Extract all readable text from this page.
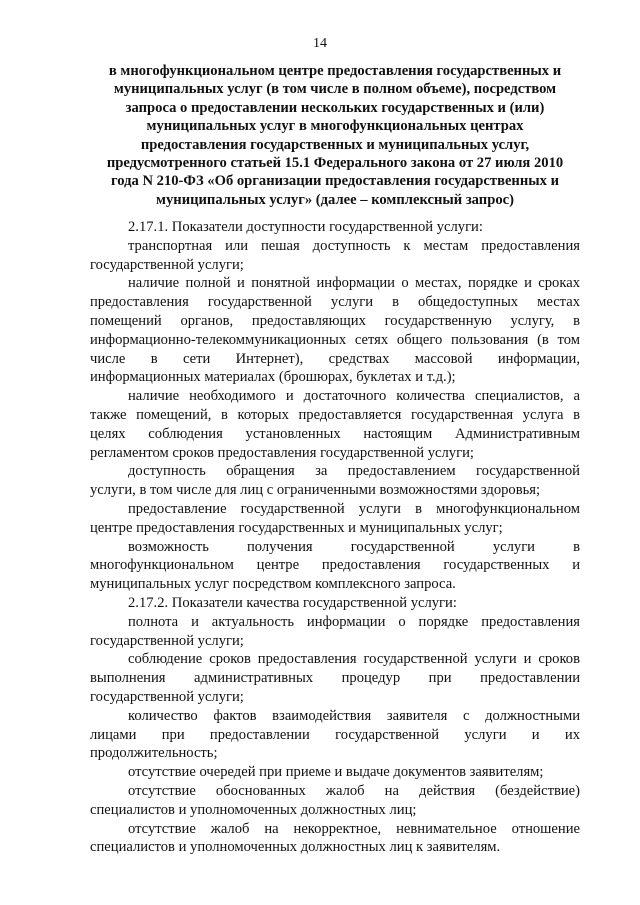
14
в многофункциональном центре предоставления государственных и
муниципальных услуг (в том числе в полном объеме), посредством
запроса о предоставлении нескольких государственных и (или)
муниципальных услуг в многофункциональных центрах
предоставления государственных и муниципальных услуг,
предусмотренного статьей 15.1 Федерального закона от 27 июля 2010
года N 210-ФЗ «Об организации предоставления государственных и
муниципальных услуг» (далее – комплексный запрос)
2.17.1. Показатели доступности государственной услуги:
транспортная или пешая доступность к местам предоставления
государственной услуги;
наличие полной и понятной информации о местах, порядке и сроках
предоставления государственной услуги в общедоступных местах
помещений органов, предоставляющих государственную услугу, в
информационно-телекоммуникационных сетях общего пользования (в том
числе в сети Интернет), средствах массовой информации,
информационных материалах (брошюрах, буклетах и т.д.);
наличие необходимого и достаточного количества специалистов, а
также помещений, в которых предоставляется государственная услуга в
целях соблюдения установленных настоящим Административным
регламентом сроков предоставления государственной услуги;
доступность обращения за предоставлением государственной
услуги, в том числе для лиц с ограниченными возможностями здоровья;
предоставление государственной услуги в многофункциональном
центре предоставления государственных и муниципальных услуг;
возможность получения государственной услуги в
многофункциональном центре предоставления государственных и
муниципальных услуг посредством комплексного запроса.
2.17.2. Показатели качества государственной услуги:
полнота и актуальность информации о порядке предоставления
государственной услуги;
соблюдение сроков предоставления государственной услуги и сроков
выполнения административных процедур при предоставлении
государственной услуги;
количество фактов взаимодействия заявителя с должностными
лицами при предоставлении государственной услуги и их
продолжительность;
отсутствие очередей при приеме и выдаче документов заявителям;
отсутствие обоснованных жалоб на действия (бездействие)
специалистов и уполномоченных должностных лиц;
отсутствие жалоб на некорректное, невнимательное отношение
специалистов и уполномоченных должностных лиц к заявителям.
